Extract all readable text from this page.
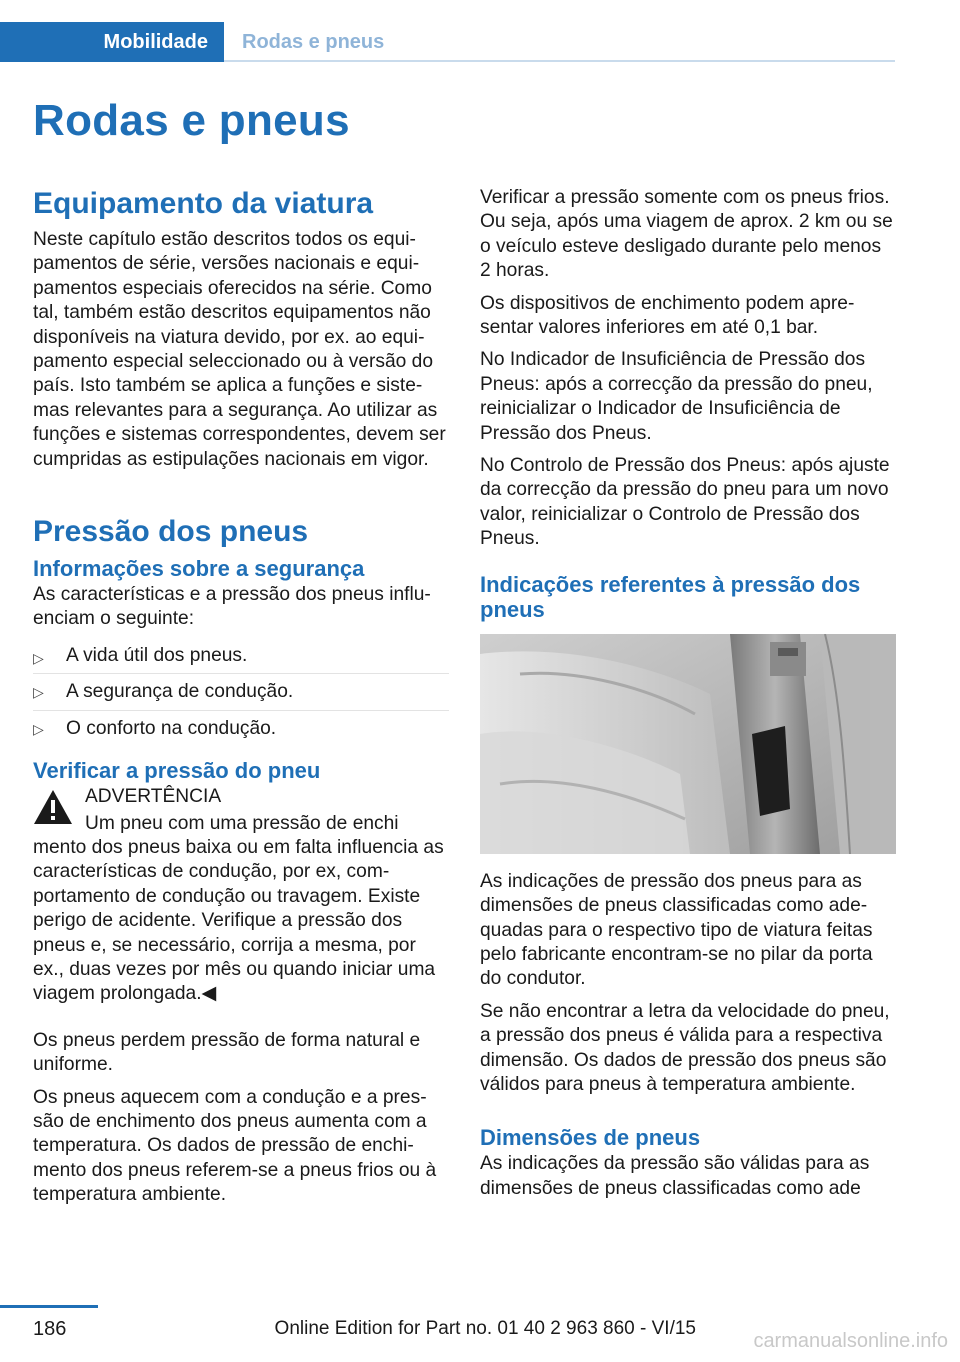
Mobilidade	Rodas e pneus
Rodas e pneus
Equipamento da viatura

Neste capítulo estão descritos todos os equipamentos de série, versões nacionais e equipamentos especiais oferecidos na série. Como tal, também estão descritos equipamentos não disponíveis na viatura devido, por ex. ao equipamento especial seleccionado ou à versão do país. Isto também se aplica a funções e sistemas relevantes para a segurança. Ao utilizar as funções e sistemas correspondentes, devem ser cumpridas as estipulações nacionais em vigor.

Pressão dos pneus
Informações sobre a segurança

As características e a pressão dos pneus influenciam o seguinte:

▷ A vida útil dos pneus.
▷ A segurança de condução.
▷ O conforto na condução.
Verificar a pressão do pneu

ADVERTÊNCIA

Um pneu com uma pressão de enchi

mento dos pneus baixa ou em falta influencia as características de condução, por ex, comportamento de condução ou travagem. Existe perigo de acidente. Verifique a pressão dos pneus e, se necessário, corrija a mesma, por ex., duas vezes por mês ou quando iniciar uma viagem prolongada.◀

Os pneus perdem pressão de forma natural e uniforme.

Os pneus aquecem com a condução e a pressão de enchimento dos pneus aumenta com a temperatura. Os dados de pressão de enchimento dos pneus referem-se a pneus frios ou à temperatura ambiente.

Verificar a pressão somente com os pneus frios. Ou seja, após uma viagem de aprox. 2 km ou se o veículo esteve desligado durante pelo menos 2 horas.

Os dispositivos de enchimento podem apresentar valores inferiores em até 0,1 bar.

No Indicador de Insuficiência de Pressão dos Pneus: após a correcção da pressão do pneu, reinicializar o Indicador de Insuficiência de Pressão dos Pneus.

No Controlo de Pressão dos Pneus: após ajuste da correcção da pressão do pneu para um novo valor, reinicializar o Controlo de Pressão dos Pneus.

Indicações referentes à pressão dos pneus

As indicações de pressão dos pneus para as dimensões de pneus classificadas como adequadas para o respectivo tipo de viatura feitas pelo fabricante encontram-se no pilar da porta do condutor.

Se não encontrar a letra da velocidade do pneu, a pressão dos pneus é válida para a respectiva dimensão. Os dados de pressão dos pneus são válidos para pneus à temperatura ambiente.

Dimensões de pneus

As indicações da pressão são válidas para as dimensões de pneus classificadas como ade

186	Online Edition for Part no. 01 40 2 963 860 - VI/15
carmanualsonline.info
